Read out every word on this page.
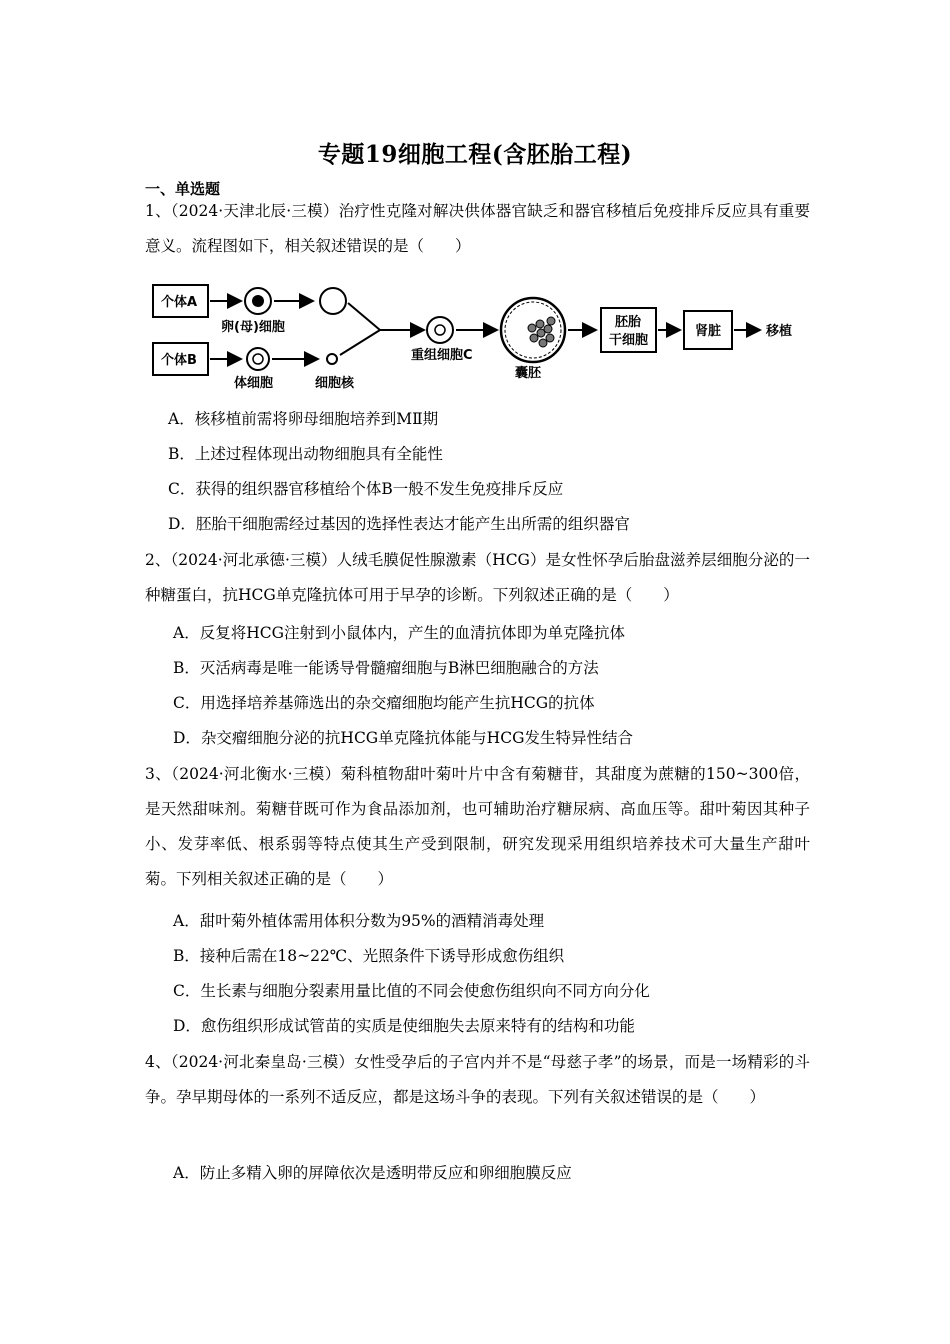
专题19细胞工程(含胚胎工程)
一、单选题
1、（2024·天津北辰·三模）治疗性克隆对解决供体器官缺乏和器官移植后免疫排斥反应具有重要意义。流程图如下，相关叙述错误的是（　　）
个体A
卵(母)细胞
个体B
体细胞	细胞核
重组细胞C
囊胚
胚胎
干细胞
肾脏	移植
A．核移植前需将卵母细胞培养到MⅡ期
B．上述过程体现出动物细胞具有全能性
C．获得的组织器官移植给个体B一般不发生免疫排斥反应
D．胚胎干细胞需经过基因的选择性表达才能产生出所需的组织器官
2、（2024·河北承德·三模）人绒毛膜促性腺激素（HCG）是女性怀孕后胎盘滋养层细胞分泌的一种糖蛋白，抗HCG单克隆抗体可用于早孕的诊断。下列叙述正确的是（　　）
A．反复将HCG注射到小鼠体内，产生的血清抗体即为单克隆抗体
B．灭活病毒是唯一能诱导骨髓瘤细胞与B淋巴细胞融合的方法
C．用选择培养基筛选出的杂交瘤细胞均能产生抗HCG的抗体
D．杂交瘤细胞分泌的抗HCG单克隆抗体能与HCG发生特异性结合
3、（2024·河北衡水·三模）菊科植物甜叶菊叶片中含有菊糖苷，其甜度为蔗糖的150~300倍，是天然甜味剂。菊糖苷既可作为食品添加剂，也可辅助治疗糖尿病、高血压等。甜叶菊因其种子小、发芽率低、根系弱等特点使其生产受到限制，研究发现采用组织培养技术可大量生产甜叶菊。下列相关叙述正确的是（　　）
A．甜叶菊外植体需用体积分数为95%的酒精消毒处理
B．接种后需在18~22℃、光照条件下诱导形成愈伤组织
C．生长素与细胞分裂素用量比值的不同会使愈伤组织向不同方向分化
D．愈伤组织形成试管苗的实质是使细胞失去原来特有的结构和功能
4、（2024·河北秦皇岛·三模）女性受孕后的子宫内并不是“母慈子孝”的场景，而是一场精彩的斗争。孕早期母体的一系列不适反应，都是这场斗争的表现。下列有关叙述错误的是（　　）
A．防止多精入卵的屏障依次是透明带反应和卵细胞膜反应
